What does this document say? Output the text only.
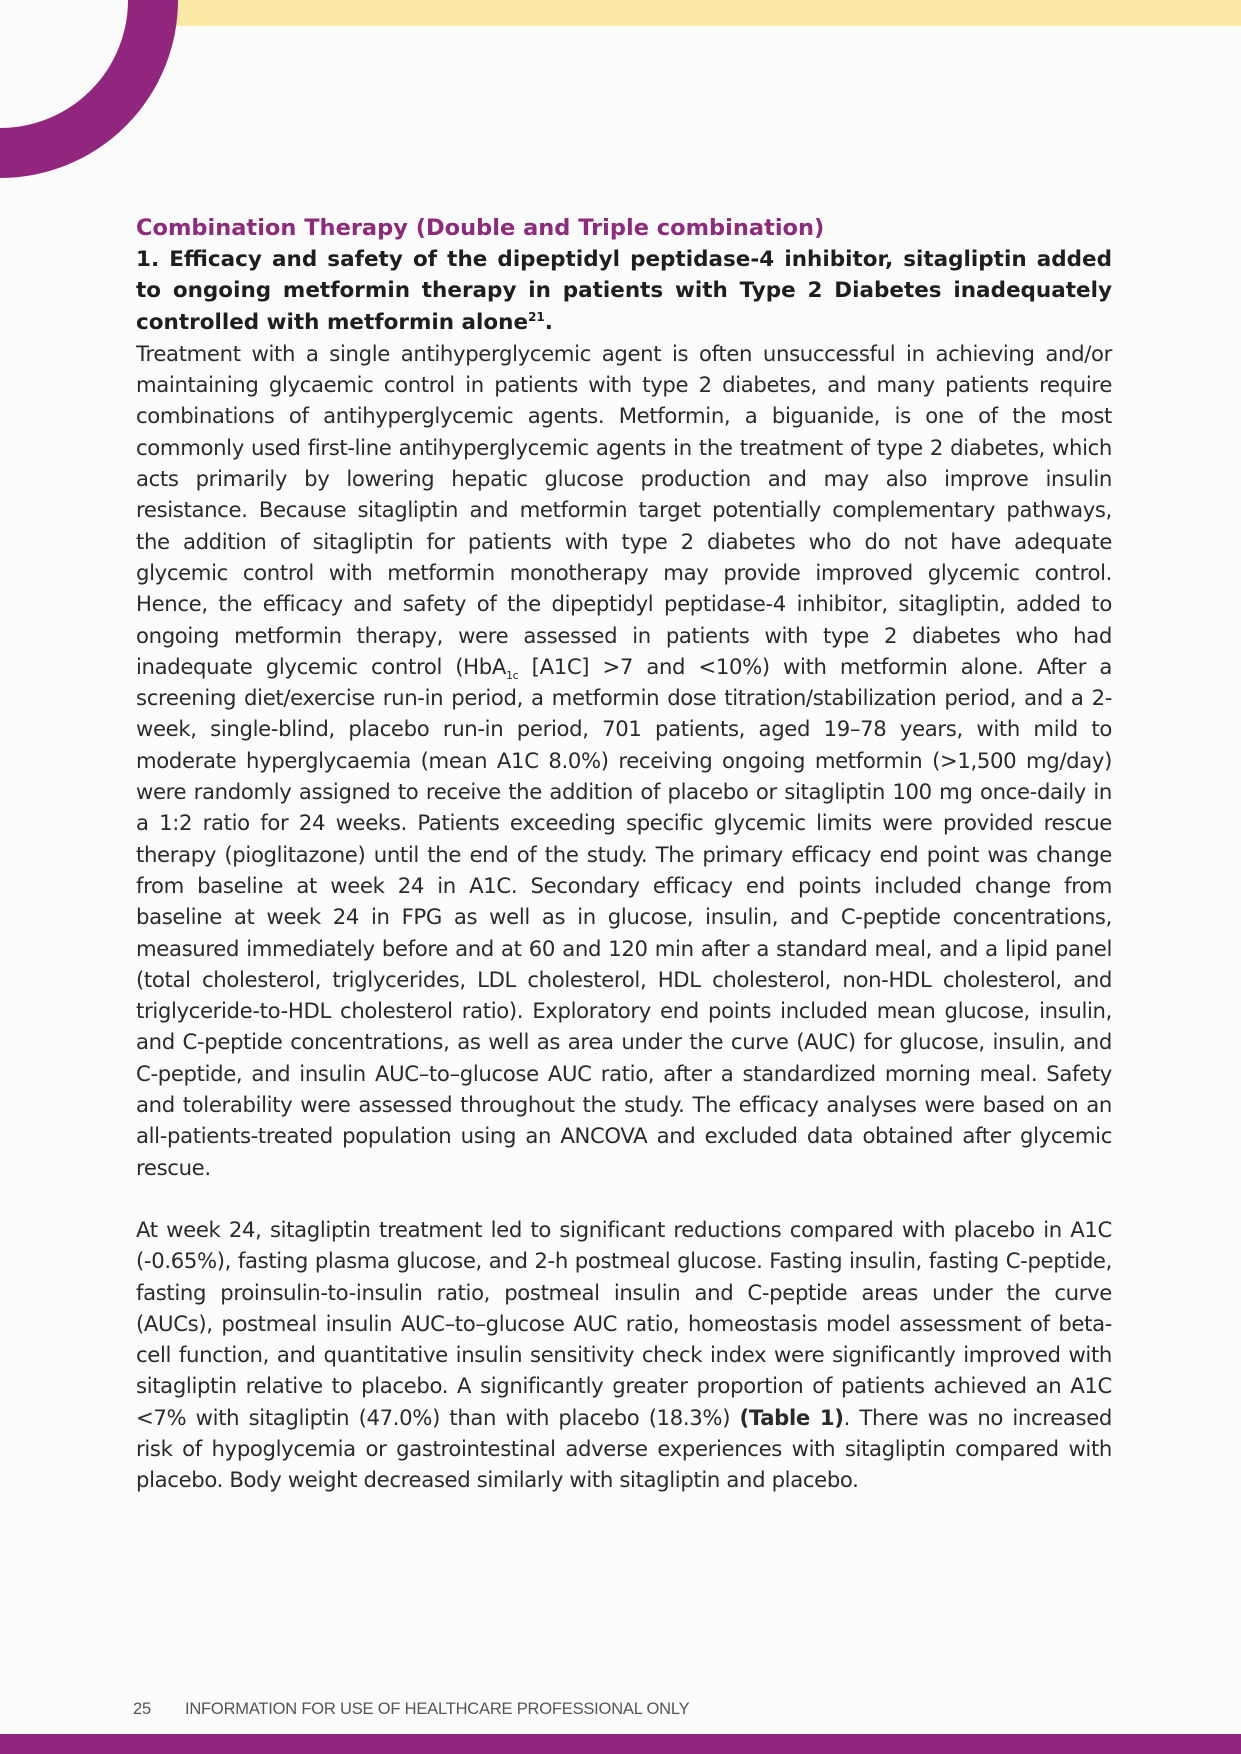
Combination Therapy (Double and Triple combination)
1. Efficacy and safety of the dipeptidyl peptidase-4 inhibitor, sitagliptin added to ongoing metformin therapy in patients with Type 2 Diabetes inadequately controlled with metformin alone$^{21}$.

Treatment with a single antihyperglycemic agent is often unsuccessful in achieving and/or maintaining glycaemic control in patients with type 2 diabetes, and many patients require combinations of antihyperglycemic agents. Metformin, a biguanide, is one of the most commonly used first-line antihyperglycemic agents in the treatment of type 2 diabetes, which acts primarily by lowering hepatic glucose production and may also improve insulin resistance. Because sitagliptin and metformin target potentially complementary pathways, the addition of sitagliptin for patients with type 2 diabetes who do not have adequate glycemic control with metformin monotherapy may provide improved glycemic control. Hence, the efficacy and safety of the dipeptidyl peptidase-4 inhibitor, sitagliptin, added to ongoing metformin therapy, were assessed in patients with type 2 diabetes who had inadequate glycemic control (HbA$_{1c}$ [A1C] >7 and <10%) with metformin alone. After a screening diet/exercise run-in period, a metformin dose titration/stabilization period, and a 2-week, single-blind, placebo run-in period, 701 patients, aged 19–78 years, with mild to moderate hyperglycaemia (mean A1C 8.0%) receiving ongoing metformin (>1,500 mg/day) were randomly assigned to receive the addition of placebo or sitagliptin 100 mg once-daily in a 1:2 ratio for 24 weeks. Patients exceeding specific glycemic limits were provided rescue therapy (pioglitazone) until the end of the study. The primary efficacy end point was change from baseline at week 24 in A1C. Secondary efficacy end points included change from baseline at week 24 in FPG as well as in glucose, insulin, and C-peptide concentrations, measured immediately before and at 60 and 120 min after a standard meal, and a lipid panel (total cholesterol, triglycerides, LDL cholesterol, HDL cholesterol, non-HDL cholesterol, and triglyceride-to-HDL cholesterol ratio). Exploratory end points included mean glucose, insulin, and C-peptide concentrations, as well as area under the curve (AUC) for glucose, insulin, and C-peptide, and insulin AUC–to–glucose AUC ratio, after a standardized morning meal. Safety and tolerability were assessed throughout the study. The efficacy analyses were based on an all-patients-treated population using an ANCOVA and excluded data obtained after glycemic rescue.

At week 24, sitagliptin treatment led to significant reductions compared with placebo in A1C (-0.65%), fasting plasma glucose, and 2-h postmeal glucose. Fasting insulin, fasting C-peptide, fasting proinsulin-to-insulin ratio, postmeal insulin and C-peptide areas under the curve (AUCs), postmeal insulin AUC–to–glucose AUC ratio, homeostasis model assessment of beta-cell function, and quantitative insulin sensitivity check index were significantly improved with sitagliptin relative to placebo. A significantly greater proportion of patients achieved an A1C <7% with sitagliptin (47.0%) than with placebo (18.3%) (Table 1). There was no increased risk of hypoglycemia or gastrointestinal adverse experiences with sitagliptin compared with placebo. Body weight decreased similarly with sitagliptin and placebo.

25 INFORMATION FOR USE OF HEALTHCARE PROFESSIONAL ONLY
